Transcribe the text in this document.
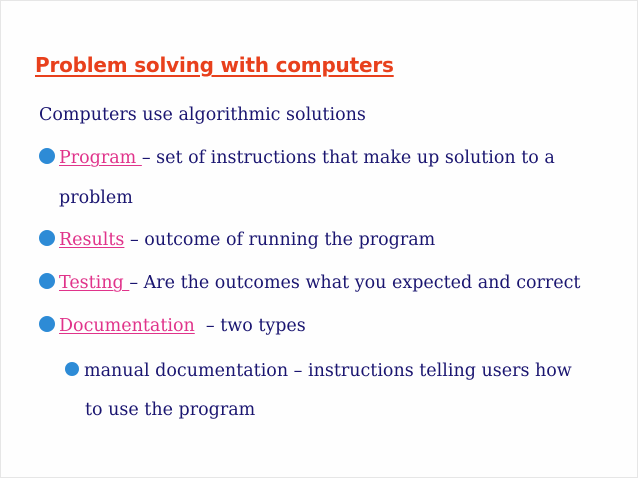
Problem solving with computers
Computers use algorithmic solutions
Program – set of instructions that make up solution to a
problem
Results – outcome of running the program
Testing – Are the outcomes what you expected and correct
Documentation  – two types
manual documentation – instructions telling users how
to use the program
